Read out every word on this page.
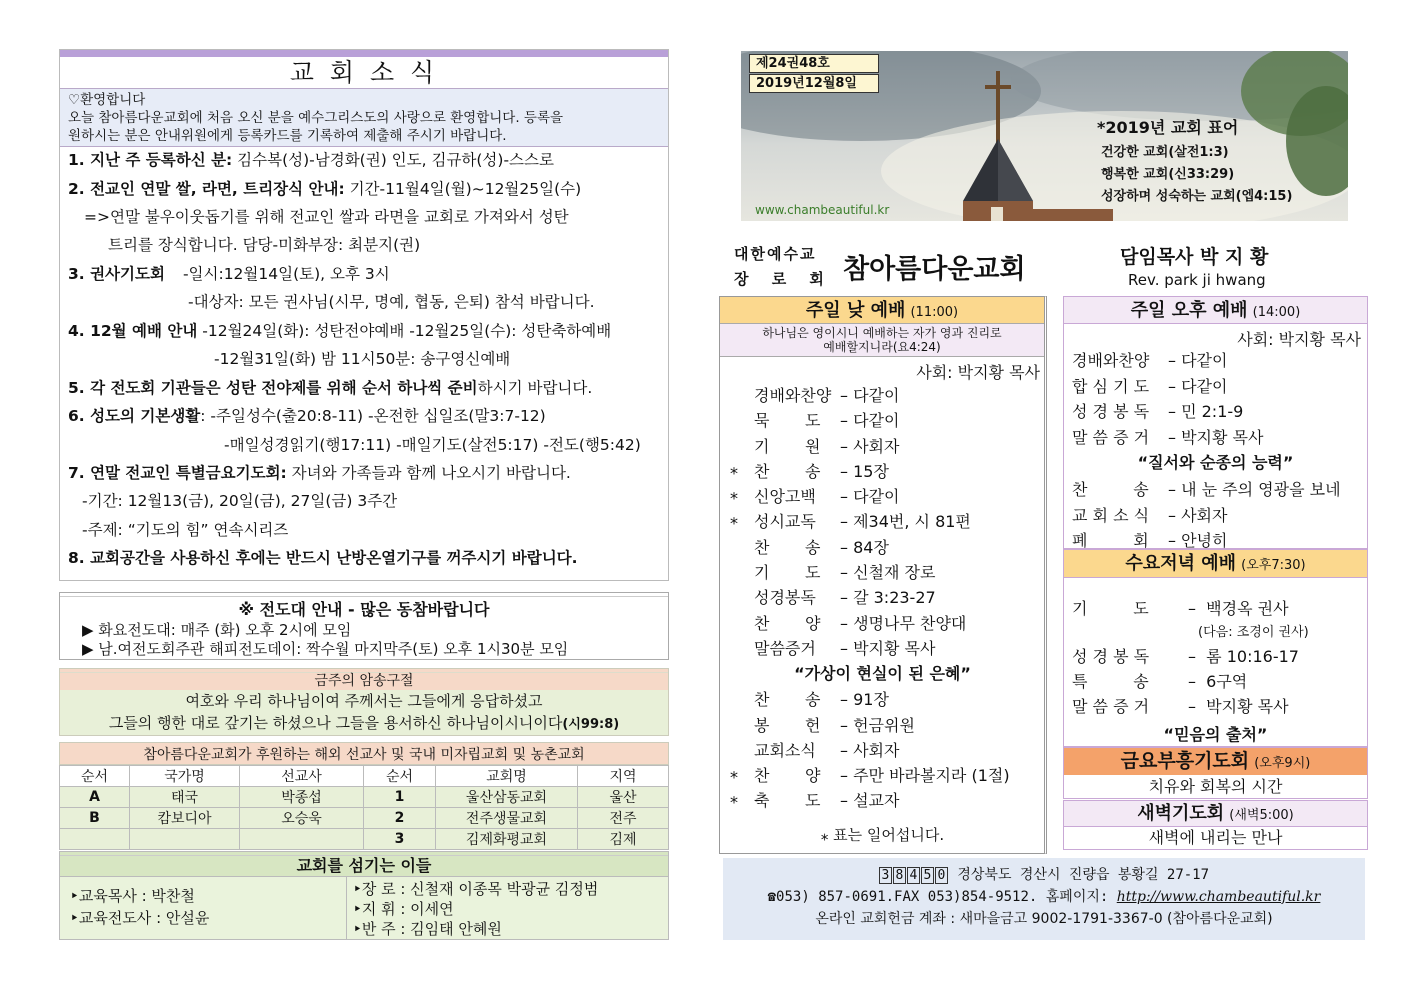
교 회 소 식
♡환영합니다
오늘 참아름다운교회에 처음 오신 분을 예수그리스도의 사랑으로 환영합니다. 등록을
원하시는 분은 안내위원에게 등록카드를 기록하여 제출해 주시기 바랍니다.
1. 지난 주 등록하신 분: 김수복(성)-남경화(권) 인도, 김규하(성)-스스로
2. 전교인 연말 쌀, 라면, 트리장식 안내: 기간-11월4일(월)~12월25일(수)
=>연말 불우이웃돕기를 위해 전교인 쌀과 라면을 교회로 가져와서 성탄
트리를 장식합니다. 담당-미화부장: 최분지(권)
3. 권사기도회 -일시:12월14일(토), 오후 3시
-대상자: 모든 권사님(시무, 명예, 협동, 은퇴) 참석 바랍니다.
4. 12월 예배 안내 -12월24일(화): 성탄전야예배 -12월25일(수): 성탄축하예배
-12월31일(화) 밤 11시50분: 송구영신예배
5. 각 전도회 기관들은 성탄 전야제를 위해 순서 하나씩 준비하시기 바랍니다.
6. 성도의 기본생활: -주일성수(출20:8-11) -온전한 십일조(말3:7-12)
-매일성경읽기(행17:11) -매일기도(살전5:17) -전도(행5:42)
7. 연말 전교인 특별금요기도회: 자녀와 가족들과 함께 나오시기 바랍니다.
-기간: 12월13(금), 20일(금), 27일(금) 3주간
-주제: “기도의 힘” 연속시리즈
8. 교회공간을 사용하신 후에는 반드시 난방온열기구를 꺼주시기 바랍니다.
※ 전도대 안내 - 많은 동참바랍니다
▶ 화요전도대: 매주 (화) 오후 2시에 모임
▶ 남.여전도회주관 해피전도데이: 짝수월 마지막주(토) 오후 1시30분 모임
금주의 암송구절
여호와 우리 하나님이여 주께서는 그들에게 응답하셨고
그들의 행한 대로 갚기는 하셨으나 그들을 용서하신 하나님이시니이다(시99:8)
참아름다운교회가 후원하는 해외 선교사 및 국내 미자립교회 및 농촌교회
순서	국가명	선교사	순서	교회명	지역
A	태국	박종섭	1	울산삼동교회	울산
B	캄보디아	오승욱	2	전주생물교회	전주
			3	김제화평교회	김제
교회를 섬기는 이들
‣교육목사 : 박찬철
‣교육전도사 : 안설윤
‣장 로 : 신철재 이종목 박광균 김정범
‣지 휘 : 이세연
‣반 주 : 김임태 안혜원
제24권48호
2019년12월8일
*2019년 교회 표어
건강한 교회(살전1:3)
행복한 교회(신33:29)
성장하며 성숙하는 교회(엡4:15)
www.chambeautiful.kr
대한예수교
장 로 회 참아름다운교회	담임목사 박 지 황
Rev. park ji hwang
주일 낮 예배 (11:00)
하나님은 영이시니 예배하는 자가 영과 진리로
예배할지니라(요4:24)
사회: 박지황 목사
경배와찬양 – 다같이
묵       도 – 다같이
기       원 – 사회자
⁎ 찬       송 – 15장
⁎ 신앙고백 – 다같이
⁎ 성시교독 – 제34번, 시 81편
찬       송 – 84장
기       도 – 신철재 장로
성경봉독 – 갈 3:23-27
찬       양 – 생명나무 찬양대
말씀증거 – 박지황 목사
“가상이 현실이 된 은혜”
찬       송 – 91장
봉       헌 – 헌금위원
교회소식 – 사회자
⁎ 찬       양 – 주만 바라볼지라 (1절)
⁎ 축       도 – 설교자
⁎ 표는 일어섭니다.
주일 오후 예배 (14:00)
사회: 박지황 목사
경배와찬양 – 다같이
합 심 기 도 – 다같이
성 경 봉 독 – 민 2:1-9
말 씀 증 거 – 박지황 목사
“질서와 순종의 능력”
찬         송 – 내 눈 주의 영광을 보네
교 회 소 식 – 사회자
폐         회 – 안녕히
수요저녁 예배 (오후7:30)
기         도 –  백경옥 권사
(다음: 조경이 권사)
성 경 봉 독 –  롬 10:16-17
특         송 –  6구역
말 씀 증 거 –  박지황 목사
“믿음의 출처”
금요부흥기도회 (오후9시)
치유와 회복의 시간
새벽기도회 (새벽5:00)
새벽에 내리는 만나
3 8 4 5 0 경상북도 경산시 진량읍 봉황길 27-17
☎053) 857-0691.FAX 053)854-9512. 홈페이지: http://www.chambeautiful.kr
온라인 교회헌금 계좌 : 새마을금고 9002-1791-3367-0 (참아름다운교회)
